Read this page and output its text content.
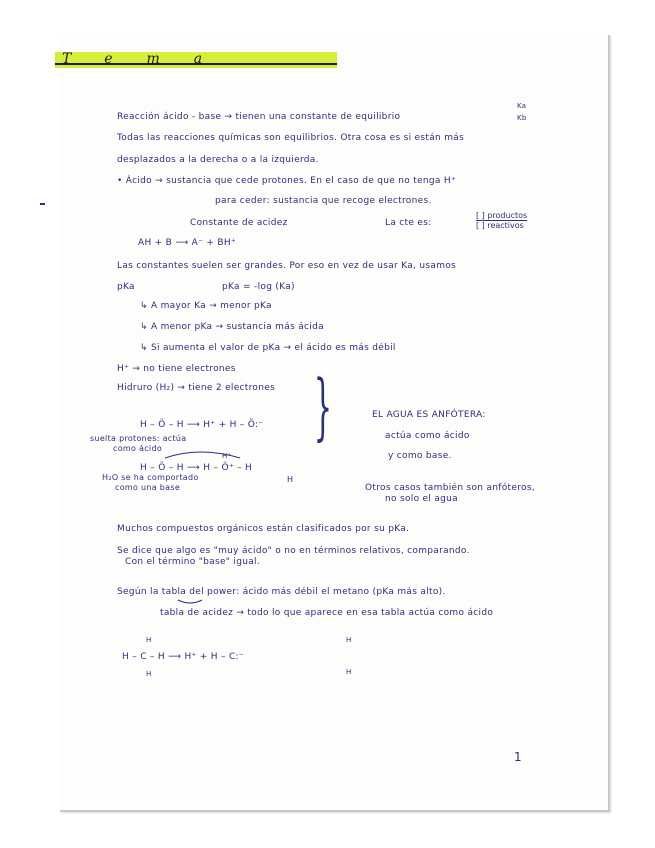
Tema
Reacción ácido - base → tienen una constante de equilibrio
Ka
Kb
Todas las reacciones químicas son equilibrios. Otra cosa es si están más
desplazados a la derecha o a la izquierda.
• Ácido → sustancia que cede protones. En el caso de que no tenga H⁺
para ceder: sustancia que recoge electrones.
Constante de acidez	La cte es:
[ ] productos
[ ] reactivos
AH + B ⟶ A⁻ + BH⁺
Las constantes suelen ser grandes. Por eso en vez de usar Ka, usamos
pKa	pKa = -log (Ka)
↳ A mayor Ka → menor pKa
↳ A menor pKa → sustancia más ácida
↳ Si aumenta el valor de pKa → el ácido es más débil
H⁺ → no tiene electrones
Hidruro (H₂) → tiene 2 electrones
H – Ö – H ⟶ H⁺ + H – Ö:⁻
suelta protones: actúa
como ácido
H⁺
H – Ö – H ⟶ H – Ö⁺ – H
H
H₂O se ha comportado
como una base
}	EL AGUA ES ANFÓTERA:
actúa como ácido
y como base.
Otros casos también son anfóteros,
no solo el agua
Muchos compuestos orgánicos están clasificados por su pKa.
Se dice que algo es "muy ácido" o no en términos relativos, comparando.
Con el término "base" igual.
Según la tabla del power: ácido más débil el metano (pKa más alto).
tabla de acidez → todo lo que aparece en esa tabla actúa como ácido
H
H – C – H ⟶ H⁺ + H – C:⁻
H
H
H
1
